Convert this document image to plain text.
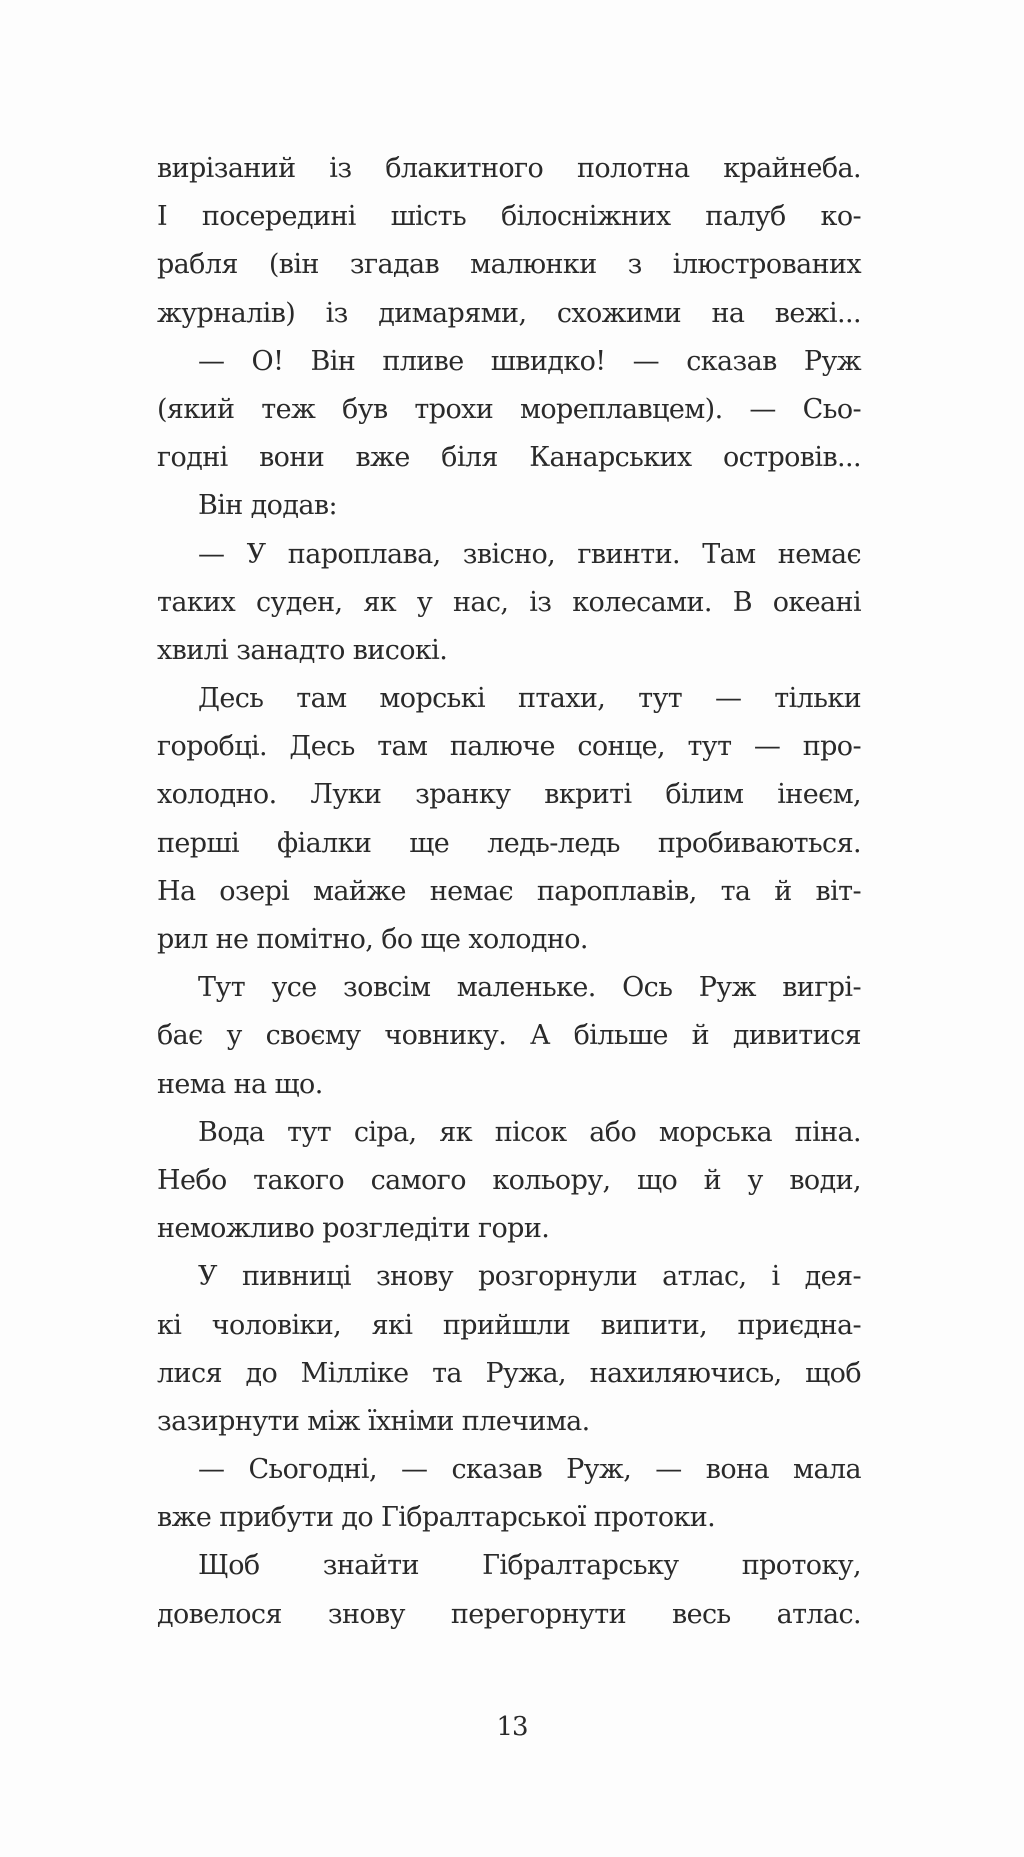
вирізаний із блакитного полотна крайнеба.
І посередині шість білосніжних палуб ко-
рабля (він згадав малюнки з ілюстрованих
журналів) із димарями, схожими на вежі...
— О! Він пливе швидко! — сказав Руж
(який теж був трохи мореплавцем). — Сьо-
годні вони вже біля Канарських островів...
Він додав:
— У пароплава, звісно, гвинти. Там немає
таких суден, як у нас, із колесами. В океані
хвилі занадто високі.
Десь там морські птахи, тут — тільки
горобці. Десь там палюче сонце, тут — про-
холодно. Луки зранку вкриті білим інеєм,
перші фіалки ще ледь-ледь пробиваються.
На озері майже немає пароплавів, та й віт-
рил не помітно, бо ще холодно.
Тут усе зовсім маленьке. Ось Руж вигрі-
бає у своєму човнику. А більше й дивитися
нема на що.
Вода тут сіра, як пісок або морська піна.
Небо такого самого кольору, що й у води,
неможливо розгледіти гори.
У пивниці знову розгорнули атлас, і дея-
кі чоловіки, які прийшли випити, приєдна-
лися до Мілліке та Ружа, нахиляючись, щоб
зазирнути між їхніми плечима.
— Сьогодні, — сказав Руж, — вона мала
вже прибути до Гібралтарської протоки.
Щоб знайти Гібралтарську протоку,
довелося знову перегорнути весь атлас.
13
